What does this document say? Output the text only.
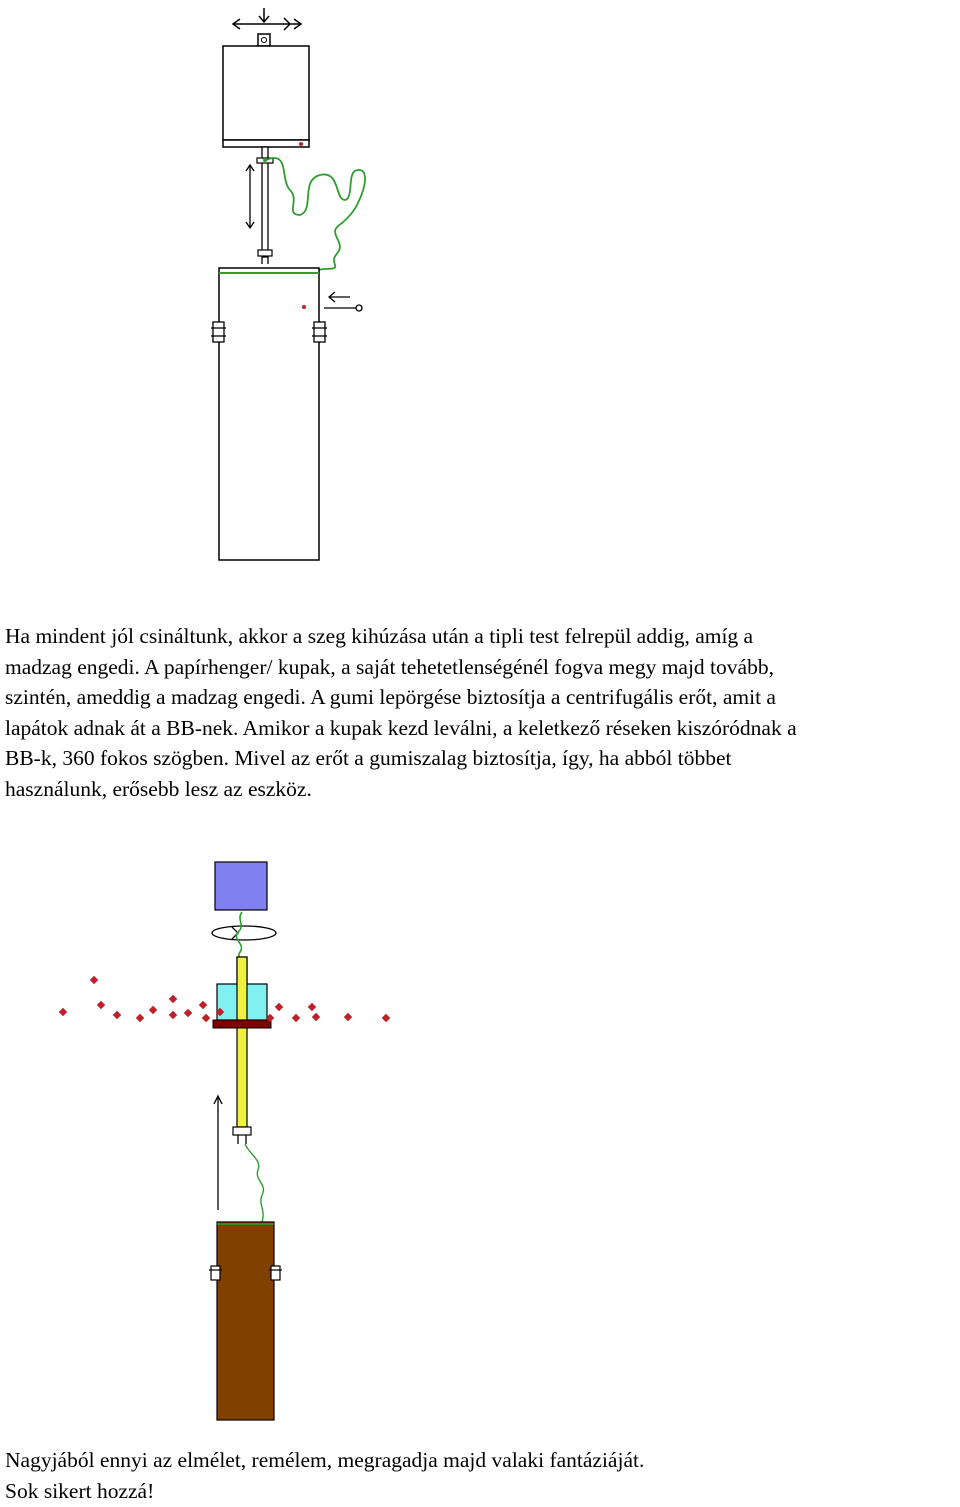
Ha mindent jól csináltunk, akkor a szeg kihúzása után a tipli test felrepül addig, amíg a
madzag engedi. A papírhenger/ kupak, a saját tehetetlenségénél fogva megy majd tovább,
szintén, ameddig a madzag engedi. A gumi lepörgése biztosítja a centrifugális erőt, amit a
lapátok adnak át a BB-nek. Amikor a kupak kezd leválni, a keletkező réseken kiszóródnak a
BB-k, 360 fokos szögben. Mivel az erőt a gumiszalag biztosítja, így, ha abból többet
használunk, erősebb lesz az eszköz.

Nagyjából ennyi az elmélet, remélem, megragadja majd valaki fantáziáját.
Sok sikert hozzá!
